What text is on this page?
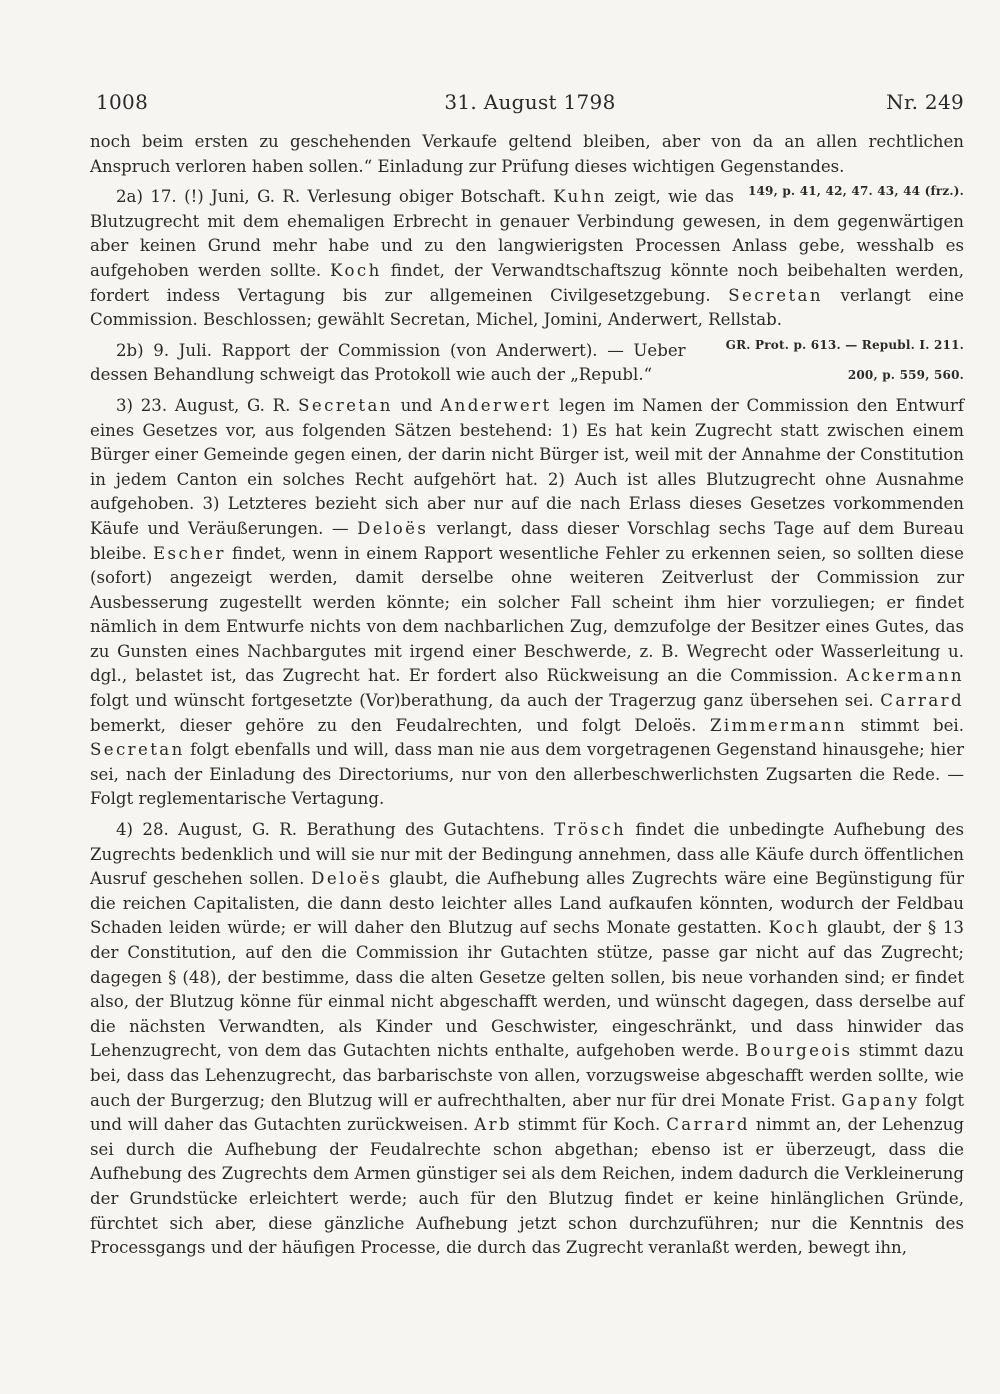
1008	31. August 1798	Nr. 249

noch beim ersten zu geschehenden Verkaufe geltend bleiben, aber von da an allen rechtlichen Anspruch verloren haben sollen.“ Einladung zur Prüfung dieses wichtigen Gegenstandes.
149, p. 41, 42, 47. 43, 44 (frz.).

2a) 17. (!) Juni, G. R. Verlesung obiger Botschaft. Kuhn zeigt, wie das Blutzugrecht mit dem ehemaligen Erbrecht in genauer Verbindung gewesen, in dem gegenwärtigen aber keinen Grund mehr habe und zu den langwierigsten Processen Anlass gebe, wesshalb es aufgehoben werden sollte. Koch findet, der Verwandtschaftszug könnte noch beibehalten werden, fordert indess Vertagung bis zur allgemeinen Civilgesetzgebung. Secretan verlangt eine Commission. Beschlossen; gewählt Secretan, Michel, Jomini, Anderwert, Rellstab.
GR. Prot. p. 613. — Republ. I. 211.

2b) 9. Juli. Rapport der Commission (von Anderwert). — Ueber dessen Behandlung schweigt das Protokoll wie auch der „Republ.“	200, p. 559, 560.

3) 23. August, G. R. Secretan und Anderwert legen im Namen der Commission den Entwurf eines Gesetzes vor, aus folgenden Sätzen bestehend: 1) Es hat kein Zugrecht statt zwischen einem Bürger einer Gemeinde gegen einen, der darin nicht Bürger ist, weil mit der Annahme der Constitution in jedem Canton ein solches Recht aufgehört hat. 2) Auch ist alles Blutzugrecht ohne Ausnahme aufgehoben. 3) Letzteres bezieht sich aber nur auf die nach Erlass dieses Gesetzes vorkommenden Käufe und Veräußerungen. — Deloës verlangt, dass dieser Vorschlag sechs Tage auf dem Bureau bleibe. Escher findet, wenn in einem Rapport wesentliche Fehler zu erkennen seien, so sollten diese (sofort) angezeigt werden, damit derselbe ohne weiteren Zeitverlust der Commission zur Ausbesserung zugestellt werden könnte; ein solcher Fall scheint ihm hier vorzuliegen; er findet nämlich in dem Entwurfe nichts von dem nachbarlichen Zug, demzufolge der Besitzer eines Gutes, das zu Gunsten eines Nachbargutes mit irgend einer Beschwerde, z. B. Wegrecht oder Wasserleitung u. dgl., belastet ist, das Zugrecht hat. Er fordert also Rückweisung an die Commission. Ackermann folgt und wünscht fortgesetzte (Vor)berathung, da auch der Tragerzug ganz übersehen sei. Carrard bemerkt, dieser gehöre zu den Feudalrechten, und folgt Deloës. Zimmermann stimmt bei. Secretan folgt ebenfalls und will, dass man nie aus dem vorgetragenen Gegenstand hinausgehe; hier sei, nach der Einladung des Directoriums, nur von den allerbeschwerlichsten Zugsarten die Rede. — Folgt reglementarische Vertagung.

4) 28. August, G. R. Berathung des Gutachtens. Trösch findet die unbedingte Aufhebung des Zugrechts bedenklich und will sie nur mit der Bedingung annehmen, dass alle Käufe durch öffentlichen Ausruf geschehen sollen. Deloës glaubt, die Aufhebung alles Zugrechts wäre eine Begünstigung für die reichen Capitalisten, die dann desto leichter alles Land aufkaufen könnten, wodurch der Feldbau Schaden leiden würde; er will daher den Blutzug auf sechs Monate gestatten. Koch glaubt, der § 13 der Constitution, auf den die Commission ihr Gutachten stütze, passe gar nicht auf das Zugrecht; dagegen § (48), der bestimme, dass die alten Gesetze gelten sollen, bis neue vorhanden sind; er findet also, der Blutzug könne für einmal nicht abgeschafft werden, und wünscht dagegen, dass derselbe auf die nächsten Verwandten, als Kinder und Geschwister, eingeschränkt, und dass hinwider das Lehenzugrecht, von dem das Gutachten nichts enthalte, aufgehoben werde. Bourgeois stimmt dazu bei, dass das Lehenzugrecht, das barbarischste von allen, vorzugsweise abgeschafft werden sollte, wie auch der Burgerzug; den Blutzug will er aufrechthalten, aber nur für drei Monate Frist. Gapany folgt und will daher das Gutachten zurückweisen. Arb stimmt für Koch. Carrard nimmt an, der Lehenzug sei durch die Aufhebung der Feudalrechte schon abgethan; ebenso ist er überzeugt, dass die Aufhebung des Zugrechts dem Armen günstiger sei als dem Reichen, indem dadurch die Verkleinerung der Grundstücke erleichtert werde; auch für den Blutzug findet er keine hinlänglichen Gründe, fürchtet sich aber, diese gänzliche Aufhebung jetzt schon durchzuführen; nur die Kenntnis des Processgangs und der häufigen Processe, die durch das Zugrecht veranlaßt werden, bewegt ihn,
